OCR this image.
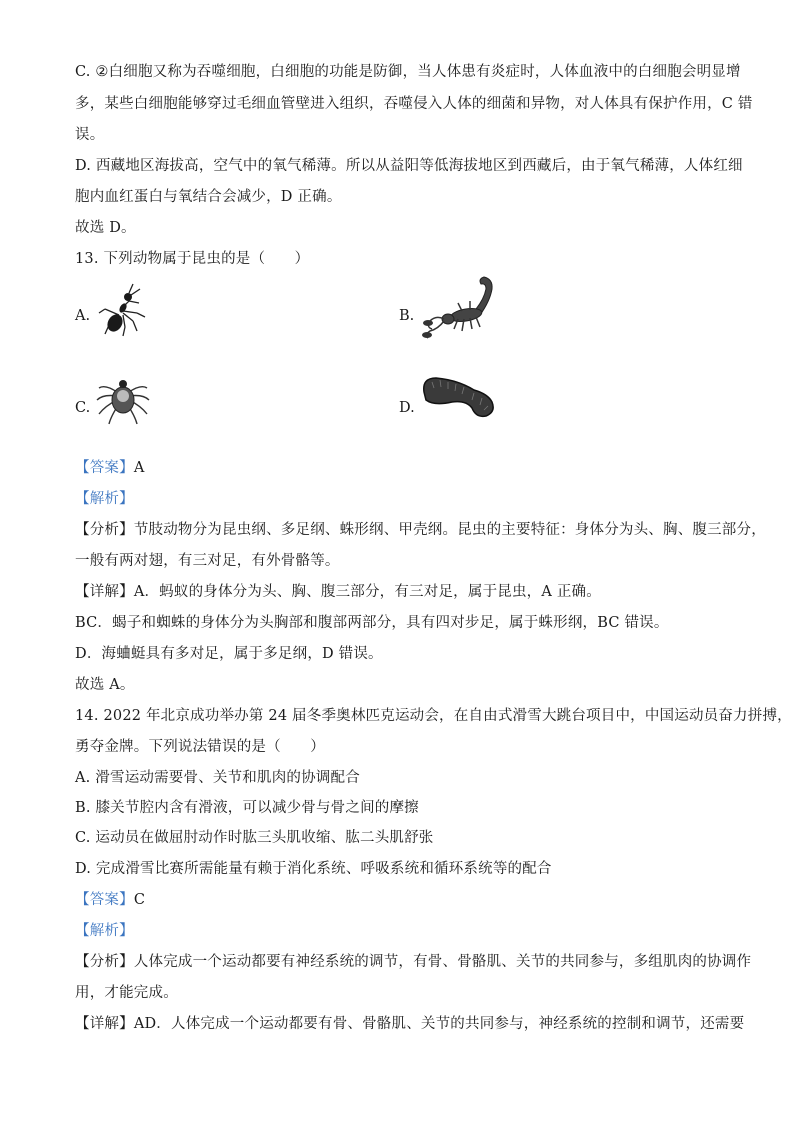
C. ②白细胞又称为吞噬细胞，白细胞的功能是防御，当人体患有炎症时，人体血液中的白细胞会明显增
多，某些白细胞能够穿过毛细血管壁进入组织，吞噬侵入人体的细菌和异物，对人体具有保护作用，C 错
误。
D. 西藏地区海拔高，空气中的氧气稀薄。所以从益阳等低海拔地区到西藏后，由于氧气稀薄，人体红细
胞内血红蛋白与氧结合会减少，D 正确。
故选 D。
13. 下列动物属于昆虫的是（　　）
A.	B.
C.	D.
【答案】A
【解析】
【分析】节肢动物分为昆虫纲、多足纲、蛛形纲、甲壳纲。昆虫的主要特征：身体分为头、胸、腹三部分，
一般有两对翅，有三对足，有外骨骼等。
【详解】A．蚂蚁的身体分为头、胸、腹三部分，有三对足，属于昆虫，A 正确。
BC．蝎子和蜘蛛的身体分为头胸部和腹部两部分，具有四对步足，属于蛛形纲，BC 错误。
D．海蛐蜓具有多对足，属于多足纲，D 错误。
故选 A。
14. 2022 年北京成功举办第 24 届冬季奥林匹克运动会，在自由式滑雪大跳台项目中，中国运动员奋力拼搏，
勇夺金牌。下列说法错误的是（　　）
A. 滑雪运动需要骨、关节和肌肉的协调配合
B. 膝关节腔内含有滑液，可以减少骨与骨之间的摩擦
C. 运动员在做屈肘动作时肱三头肌收缩、肱二头肌舒张
D. 完成滑雪比赛所需能量有赖于消化系统、呼吸系统和循环系统等的配合
【答案】C
【解析】
【分析】人体完成一个运动都要有神经系统的调节，有骨、骨骼肌、关节的共同参与，多组肌肉的协调作
用，才能完成。
【详解】AD．人体完成一个运动都要有骨、骨骼肌、关节的共同参与，神经系统的控制和调节，还需要
